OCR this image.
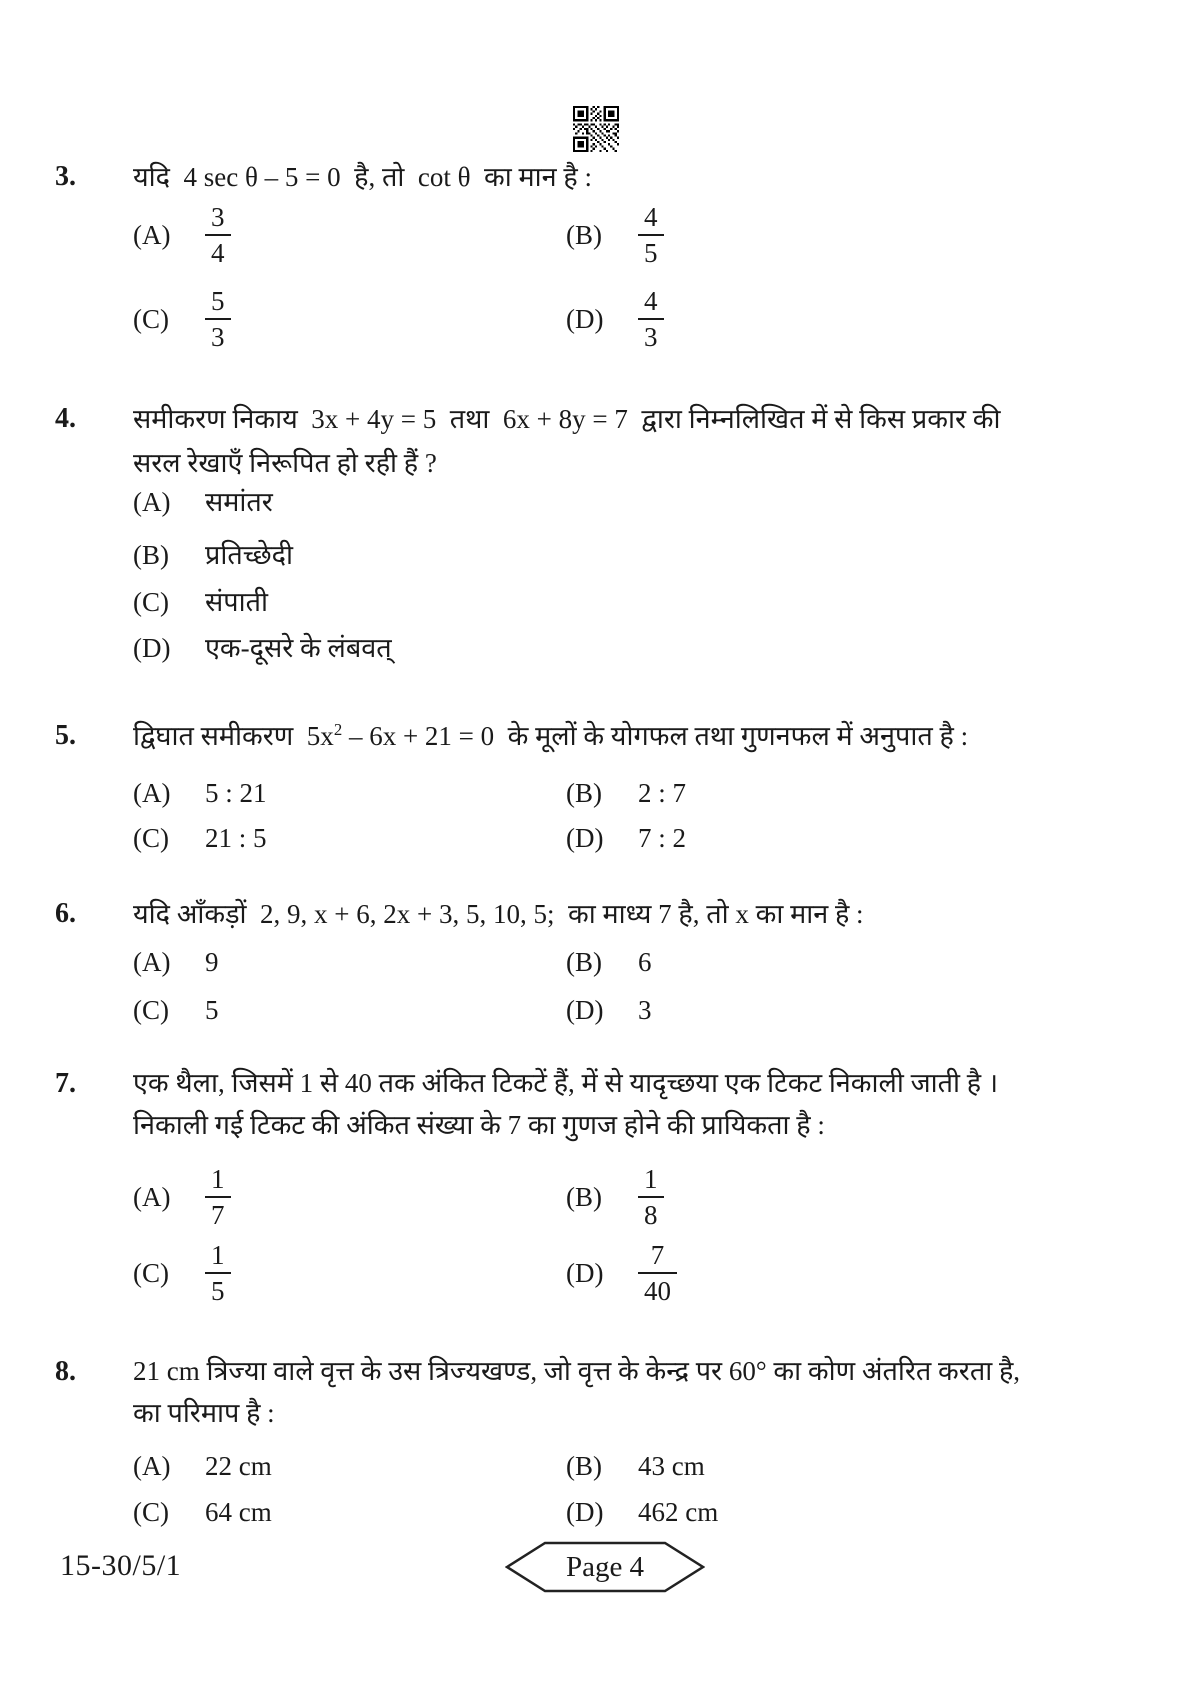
3. यदि  4 sec θ – 5 = 0  है, तो  cot θ  का मान है :
(A)	$\frac{3}{4}$	(B)	$\frac{4}{5}$
(C)	$\frac{5}{3}$	(D)	$\frac{4}{3}$
4. समीकरण निकाय  3x + 4y = 5  तथा  6x + 8y = 7  द्वारा निम्नलिखित में से किस प्रकार की सरल रेखाएँ निरूपित हो रही हैं ?
(A)	समांतर
(B)	प्रतिच्छेदी
(C)	संपाती
(D)	एक-दूसरे के लंबवत्
5. द्विघात समीकरण  $5x^2 - 6x + 21 = 0$  के मूलों के योगफल तथा गुणनफल में अनुपात है :
(A)	5 : 21	(B)	2 : 7
(C)	21 : 5	(D)	7 : 2
6. यदि आँकड़ों  2, 9, x + 6, 2x + 3, 5, 10, 5;  का माध्य 7 है, तो x का मान है :
(A)	9	(B)	6
(C)	5	(D)	3
7. एक थैला, जिसमें 1 से 40 तक अंकित टिकटें हैं, में से यादृच्छया एक टिकट निकाली जाती है । निकाली गई टिकट की अंकित संख्या के 7 का गुणज होने की प्रायिकता है :
(A)	$\frac{1}{7}$	(B)	$\frac{1}{8}$
(C)	$\frac{1}{5}$	(D)	$\frac{7}{40}$
8. 21 cm त्रिज्या वाले वृत्त के उस त्रिज्यखण्ड, जो वृत्त के केन्द्र पर 60° का कोण अंतरित करता है, का परिमाप है :
(A)	22 cm	(B)	43 cm
(C)	64 cm	(D)	462 cm
15-30/5/1	Page 4
